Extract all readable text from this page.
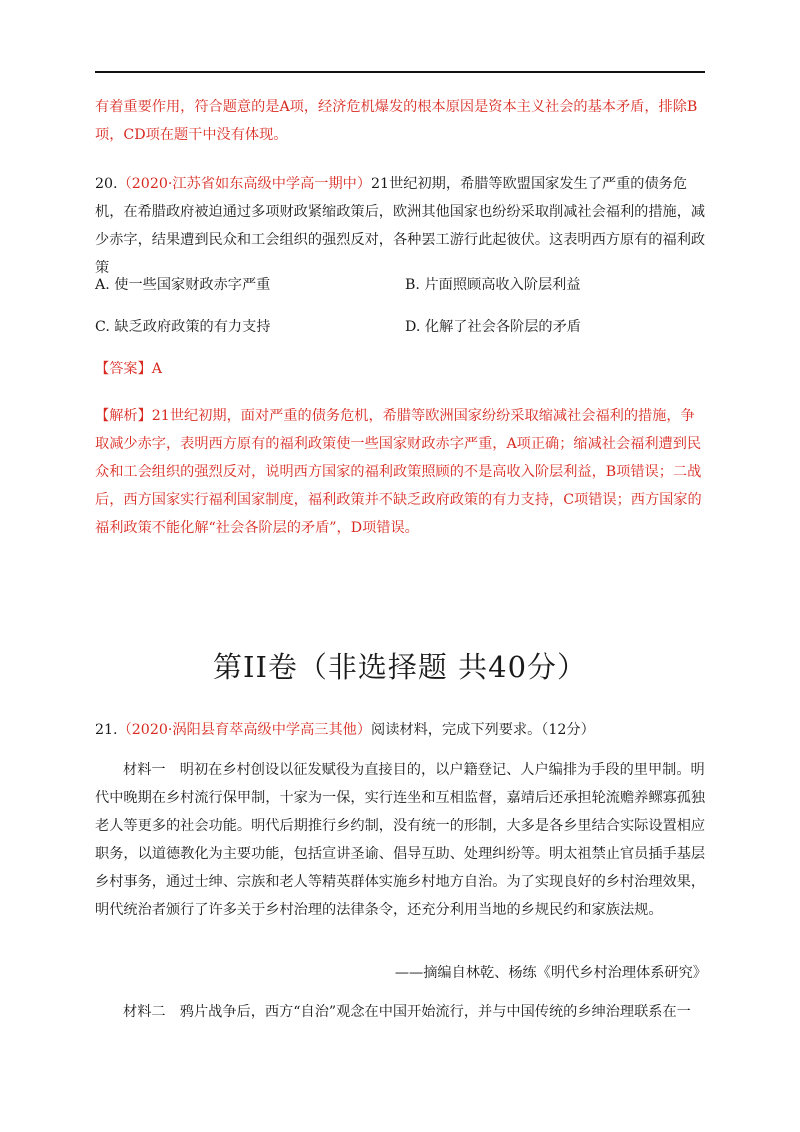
有着重要作用，符合题意的是A项，经济危机爆发的根本原因是资本主义社会的基本矛盾，排除B项，CD项在题干中没有体现。

20.（2020·江苏省如东高级中学高一期中）21世纪初期，希腊等欧盟国家发生了严重的债务危机，在希腊政府被迫通过多项财政紧缩政策后，欧洲其他国家也纷纷采取削减社会福利的措施，减少赤字，结果遭到民众和工会组织的强烈反对，各种罢工游行此起彼伏。这表明西方原有的福利政策

A. 使一些国家财政赤字严重	B. 片面照顾高收入阶层利益
C. 缺乏政府政策的有力支持	D. 化解了社会各阶层的矛盾
【答案】A

【解析】21世纪初期，面对严重的债务危机，希腊等欧洲国家纷纷采取缩减社会福利的措施，争取减少赤字，表明西方原有的福利政策使一些国家财政赤字严重，A项正确；缩减社会福利遭到民众和工会组织的强烈反对，说明西方国家的福利政策照顾的不是高收入阶层利益，B项错误；二战后，西方国家实行福利国家制度，福利政策并不缺乏政府政策的有力支持，C项错误；西方国家的福利政策不能化解“社会各阶层的矛盾”，D项错误。

第II卷（非选择题 共40分）
21.（2020·涡阳县育萃高级中学高三其他）阅读材料，完成下列要求。（12分）

材料一　明初在乡村创设以征发赋役为直接目的，以户籍登记、人户编排为手段的里甲制。明代中晚期在乡村流行保甲制，十家为一保，实行连坐和互相监督，嘉靖后还承担轮流赡养鳏寡孤独老人等更多的社会功能。明代后期推行乡约制，没有统一的形制，大多是各乡里结合实际设置相应职务，以道德教化为主要功能，包括宣讲圣谕、倡导互助、处理纠纷等。明太祖禁止官员插手基层乡村事务，通过士绅、宗族和老人等精英群体实施乡村地方自治。为了实现良好的乡村治理效果，明代统治者颁行了许多关于乡村治理的法律条令，还充分利用当地的乡规民约和家族法规。

——摘编自林乾、杨练《明代乡村治理体系研究》

材料二　鸦片战争后，西方“自治”观念在中国开始流行，并与中国传统的乡绅治理联系在一
